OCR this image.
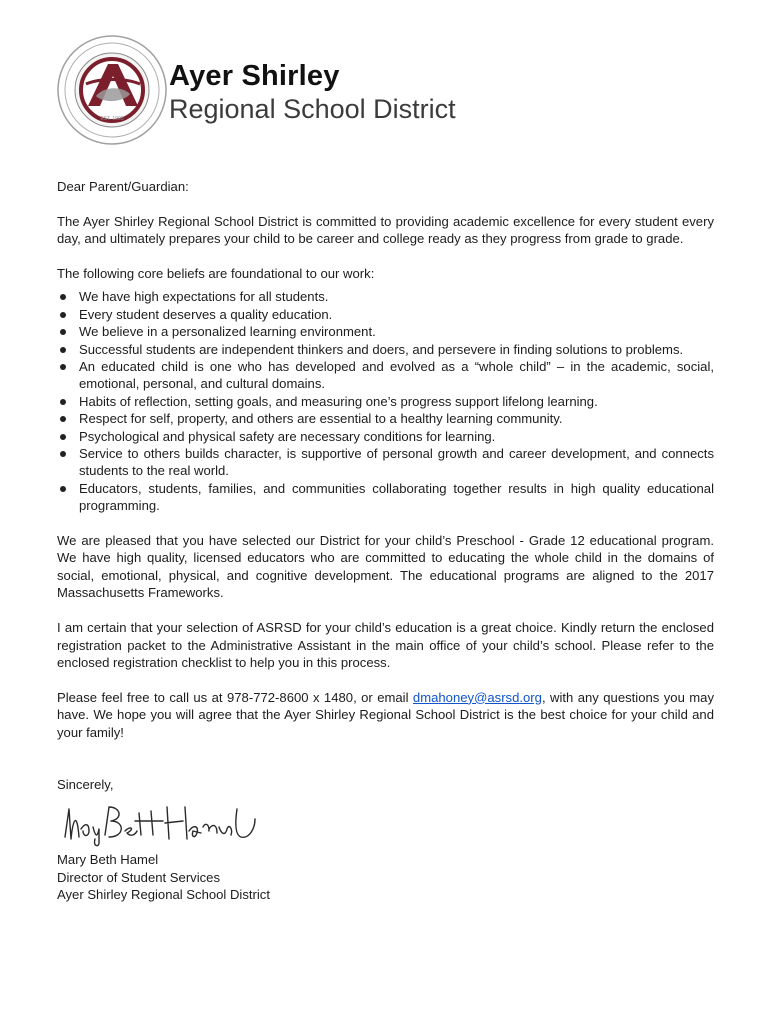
EST. 1993
Ayer Shirley
Regional School District

Dear Parent/Guardian:

The Ayer Shirley Regional School District is committed to providing academic excellence for every student every day, and ultimately prepares your child to be career and college ready as they progress from grade to grade.

The following core beliefs are foundational to our work:

We have high expectations for all students.
Every student deserves a quality education.
We believe in a personalized learning environment.
Successful students are independent thinkers and doers, and persevere in finding solutions to problems.
An educated child is one who has developed and evolved as a “whole child” – in the academic, social, emotional, personal, and cultural domains.
Habits of reflection, setting goals, and measuring one’s progress support lifelong learning.
Respect for self, property, and others are essential to a healthy learning community.
Psychological and physical safety are necessary conditions for learning.
Service to others builds character, is supportive of personal growth and career development, and connects students to the real world.
Educators, students, families, and communities collaborating together results in high quality educational programming.

We are pleased that you have selected our District for your child’s Preschool - Grade 12 educational program. We have high quality, licensed educators who are committed to educating the whole child in the domains of social, emotional, physical, and cognitive development. The educational programs are aligned to the 2017 Massachusetts Frameworks.

I am certain that your selection of ASRSD for your child’s education is a great choice. Kindly return the enclosed registration packet to the Administrative Assistant in the main office of your child’s school. Please refer to the enclosed registration checklist to help you in this process.

Please feel free to call us at 978-772-8600 x 1480, or email dmahoney@asrsd.org, with any questions you may have. We hope you will agree that the Ayer Shirley Regional School District is the best choice for your child and your family!

Sincerely,

Mary Beth Hamel

Director of Student Services

Ayer Shirley Regional School District
